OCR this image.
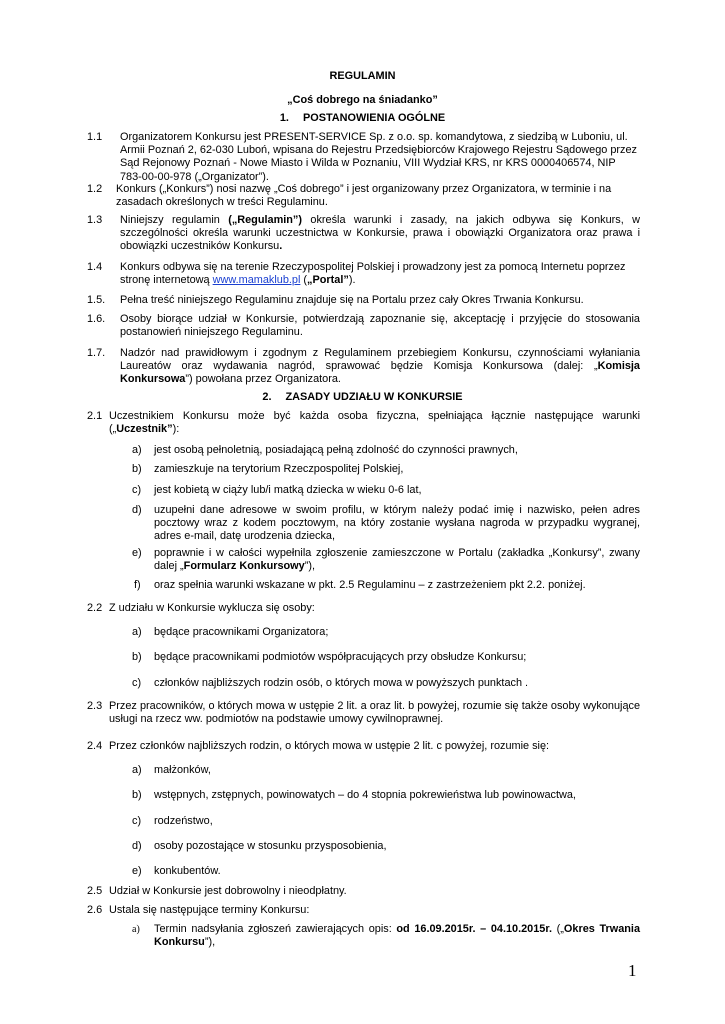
REGULAMIN
„Coś dobrego na śniadanko”
1. POSTANOWIENIA OGÓLNE
1.1 Organizatorem Konkursu jest PRESENT-SERVICE Sp. z o.o. sp. komandytowa, z siedzibą w Luboniu, ul. Armii Poznań 2, 62-030 Luboń, wpisana do Rejestru Przedsiębiorców Krajowego Rejestru Sądowego przez Sąd Rejonowy Poznań - Nowe Miasto i Wilda w Poznaniu, VIII Wydział KRS, nr KRS 0000406574, NIP 783-00-00-978 („Organizator”).
1.2 Konkurs („Konkurs”) nosi nazwę „Coś dobrego” i jest organizowany przez Organizatora, w terminie i na zasadach określonych w treści Regulaminu.
1.3 Niniejszy regulamin („Regulamin”) określa warunki i zasady, na jakich odbywa się Konkurs, w szczególności określa warunki uczestnictwa w Konkursie, prawa i obowiązki Organizatora oraz prawa i obowiązki uczestników Konkursu.
1.4 Konkurs odbywa się na terenie Rzeczypospolitej Polskiej i prowadzony jest za pomocą Internetu poprzez stronę internetową www.mamaklub.pl („Portal”).
1.5. Pełna treść niniejszego Regulaminu znajduje się na Portalu przez cały Okres Trwania Konkursu.
1.6. Osoby biorące udział w Konkursie, potwierdzają zapoznanie się, akceptację i przyjęcie do stosowania postanowień niniejszego Regulaminu.
1.7. Nadzór nad prawidłowym i zgodnym z Regulaminem przebiegiem Konkursu, czynnościami wyłaniania Laureatów oraz wydawania nagród, sprawować będzie Komisja Konkursowa (dalej: „Komisja Konkursowa”) powołana przez Organizatora.
2. ZASADY UDZIAŁU W KONKURSIE
2.1 Uczestnikiem Konkursu może być każda osoba fizyczna, spełniająca łącznie następujące warunki („Uczestnik”):
a) jest osobą pełnoletnią, posiadającą pełną zdolność do czynności prawnych,
b) zamieszkuje na terytorium Rzeczpospolitej Polskiej,
c) jest kobietą w ciąży lub/i matką dziecka w wieku 0-6 lat,
d) uzupełni dane adresowe w swoim profilu, w którym należy podać imię i nazwisko, pełen adres pocztowy wraz z kodem pocztowym, na który zostanie wysłana nagroda w przypadku wygranej, adres e-mail, datę urodzenia dziecka,
e) poprawnie i w całości wypełnila zgłoszenie zamieszczone w Portalu (zakładka „Konkursy”, zwany dalej „Formularz Konkursowy”),
f) oraz spełnia warunki wskazane w pkt. 2.5 Regulaminu – z zastrzeżeniem pkt 2.2. poniżej.
2.2 Z udziału w Konkursie wyklucza się osoby:
a) będące pracownikami Organizatora;
b) będące pracownikami podmiotów współpracujących przy obsłudze Konkursu;
c) członków najbliższych rodzin osób, o których mowa w powyższych punktach .
2.3 Przez pracowników, o których mowa w ustępie 2 lit. a oraz lit. b powyżej, rozumie się także osoby wykonujące usługi na rzecz ww. podmiotów na podstawie umowy cywilnoprawnej.
2.4 Przez członków najbliższych rodzin, o których mowa w ustępie 2 lit. c powyżej, rozumie się:
a) małżonków,
b) wstępnych, zstępnych, powinowatych – do 4 stopnia pokrewieństwa lub powinowactwa,
c) rodzeństwo,
d) osoby pozostające w stosunku przysposobienia,
e) konkubentów.
2.5 Udział w Konkursie jest dobrowolny i nieodpłatny.
2.6 Ustala się następujące terminy Konkursu:
a) Termin nadsyłania zgłoszeń zawierających opis: od 16.09.2015r. – 04.10.2015r. („Okres Trwania Konkursu”),
1
